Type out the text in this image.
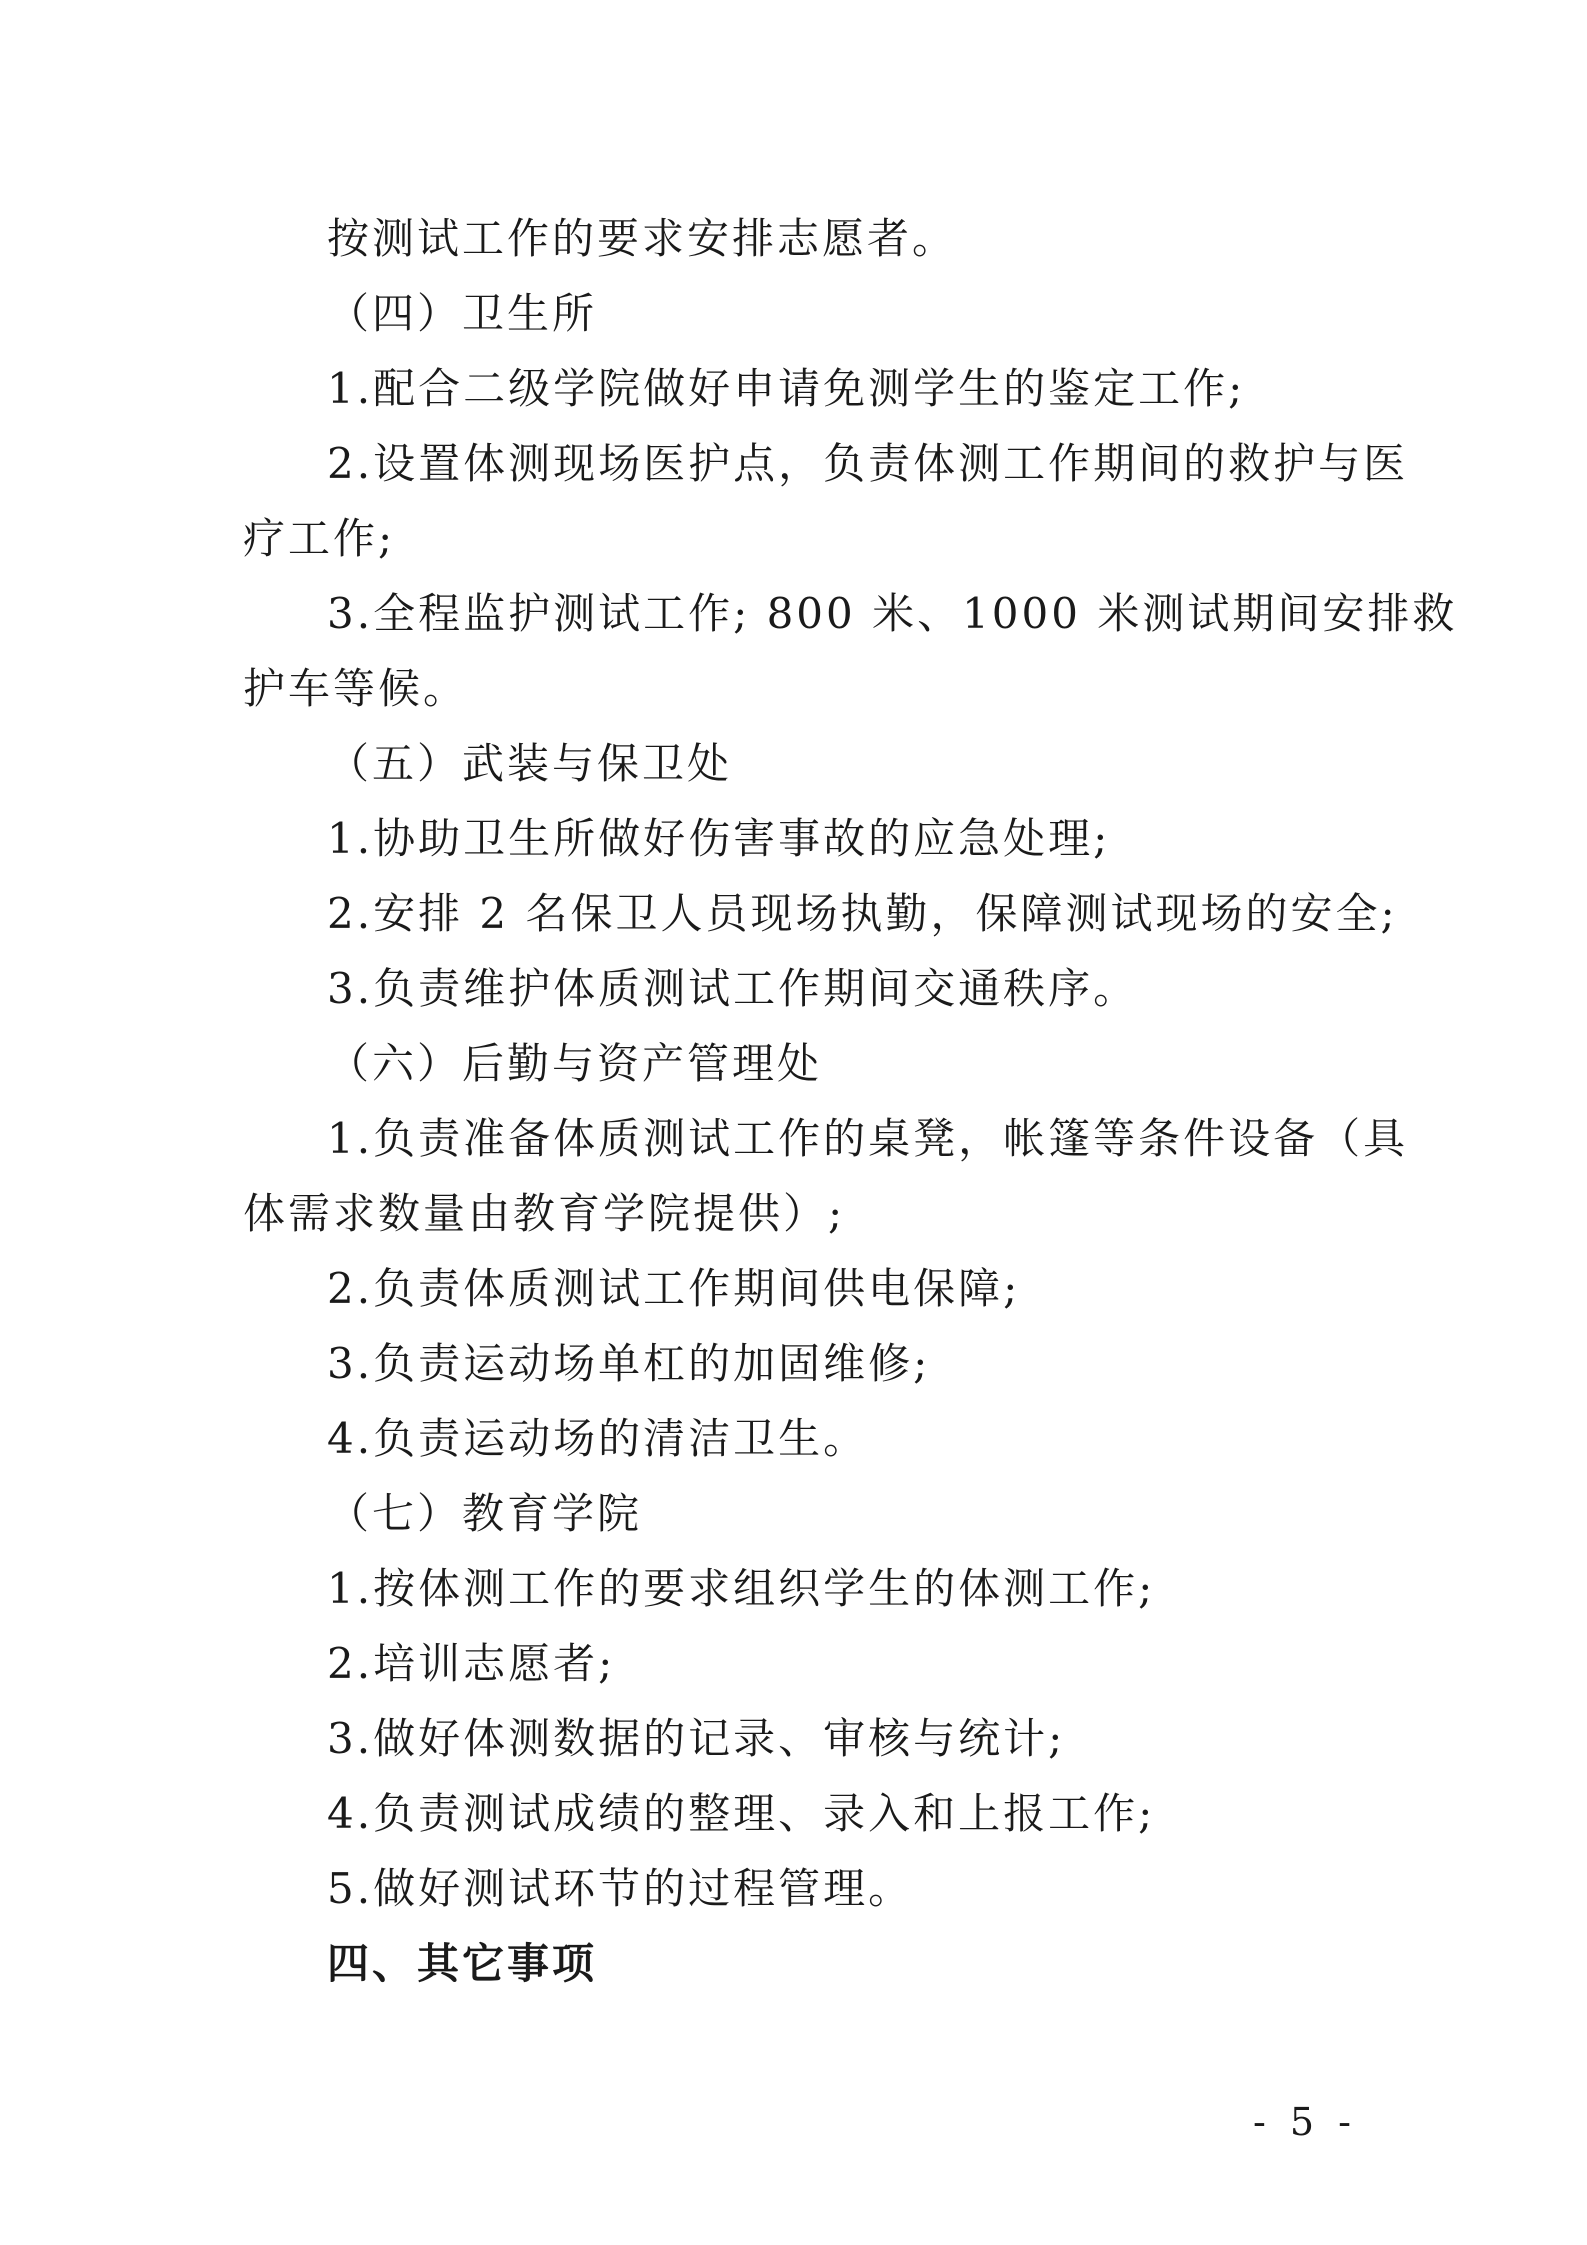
按测试工作的要求安排志愿者。
（四）卫生所
1.配合二级学院做好申请免测学生的鉴定工作;
2.设置体测现场医护点，负责体测工作期间的救护与医
疗工作;
3.全程监护测试工作; 800 米、1000 米测试期间安排救
护车等候。
（五）武装与保卫处
1.协助卫生所做好伤害事故的应急处理;
2.安排 2 名保卫人员现场执勤，保障测试现场的安全;
3.负责维护体质测试工作期间交通秩序。
（六）后勤与资产管理处
1.负责准备体质测试工作的桌凳，帐篷等条件设备（具
体需求数量由教育学院提供）;
2.负责体质测试工作期间供电保障;
3.负责运动场单杠的加固维修;
4.负责运动场的清洁卫生。
（七）教育学院
1.按体测工作的要求组织学生的体测工作;
2.培训志愿者;
3.做好体测数据的记录、审核与统计;
4.负责测试成绩的整理、录入和上报工作;
5.做好测试环节的过程管理。
四、其它事项
- 5 -
